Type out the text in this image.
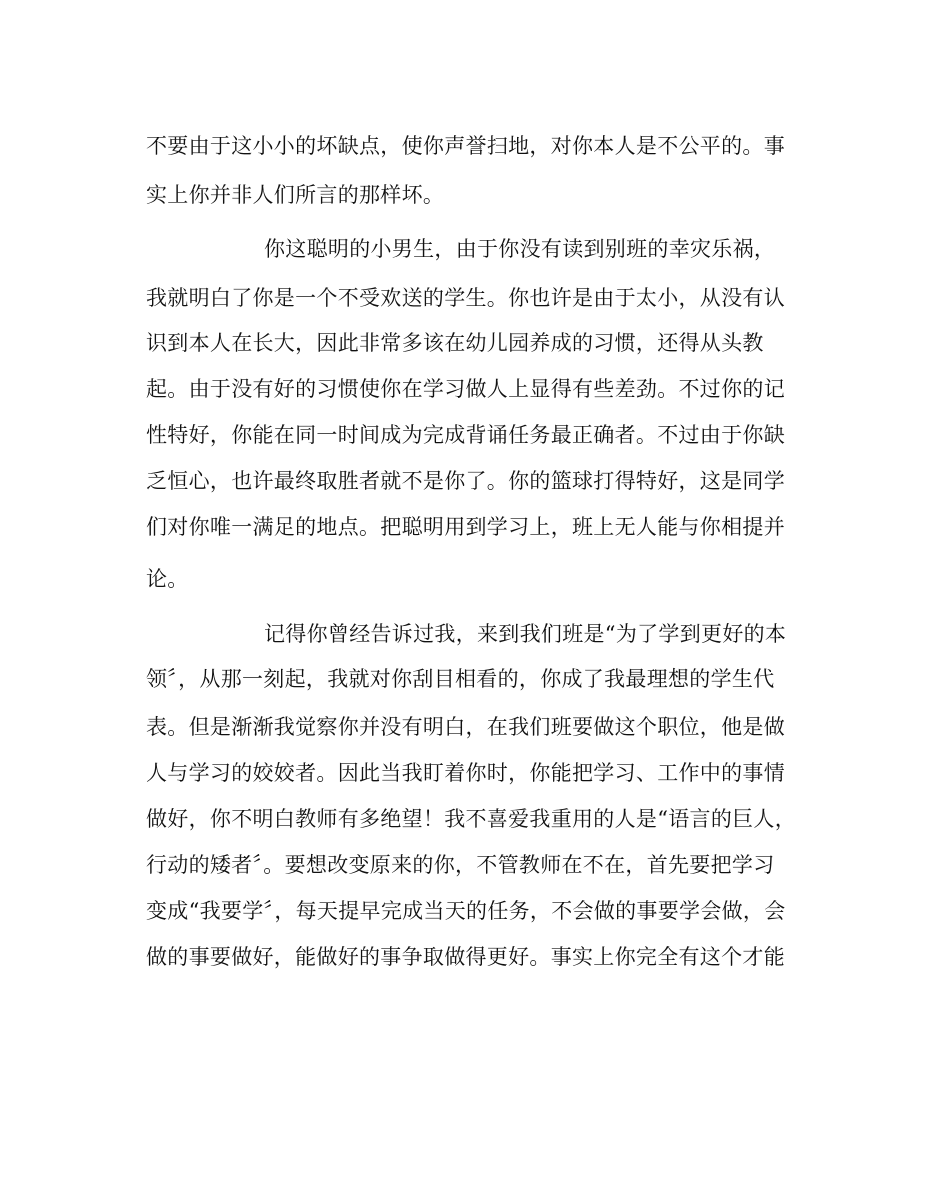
不要由于这小小的坏缺点，使你声誉扫地，对你本人是不公平的。事
实上你并非人们所言的那样坏。
你这聪明的小男生，由于你没有读到别班的幸灾乐祸，
我就明白了你是一个不受欢送的学生。你也许是由于太小，从没有认
识到本人在长大，因此非常多该在幼儿园养成的习惯，还得从头教
起。由于没有好的习惯使你在学习做人上显得有些差劲。不过你的记
性特好，你能在同一时间成为完成背诵任务最正确者。不过由于你缺
乏恒心，也许最终取胜者就不是你了。你的篮球打得特好，这是同学
们对你唯一满足的地点。把聪明用到学习上，班上无人能与你相提并
论。
记得你曾经告诉过我，来到我们班是“为了学到更好的本
领〞，从那一刻起，我就对你刮目相看的，你成了我最理想的学生代
表。但是渐渐我觉察你并没有明白，在我们班要做这个职位，他是做
人与学习的姣姣者。因此当我盯着你时，你能把学习、工作中的事情
做好，你不明白教师有多绝望！我不喜爱我重用的人是“语言的巨人，
行动的矮者〞。要想改变原来的你，不管教师在不在，首先要把学习
变成“我要学〞，每天提早完成当天的任务，不会做的事要学会做，会
做的事要做好，能做好的事争取做得更好。事实上你完全有这个才能
